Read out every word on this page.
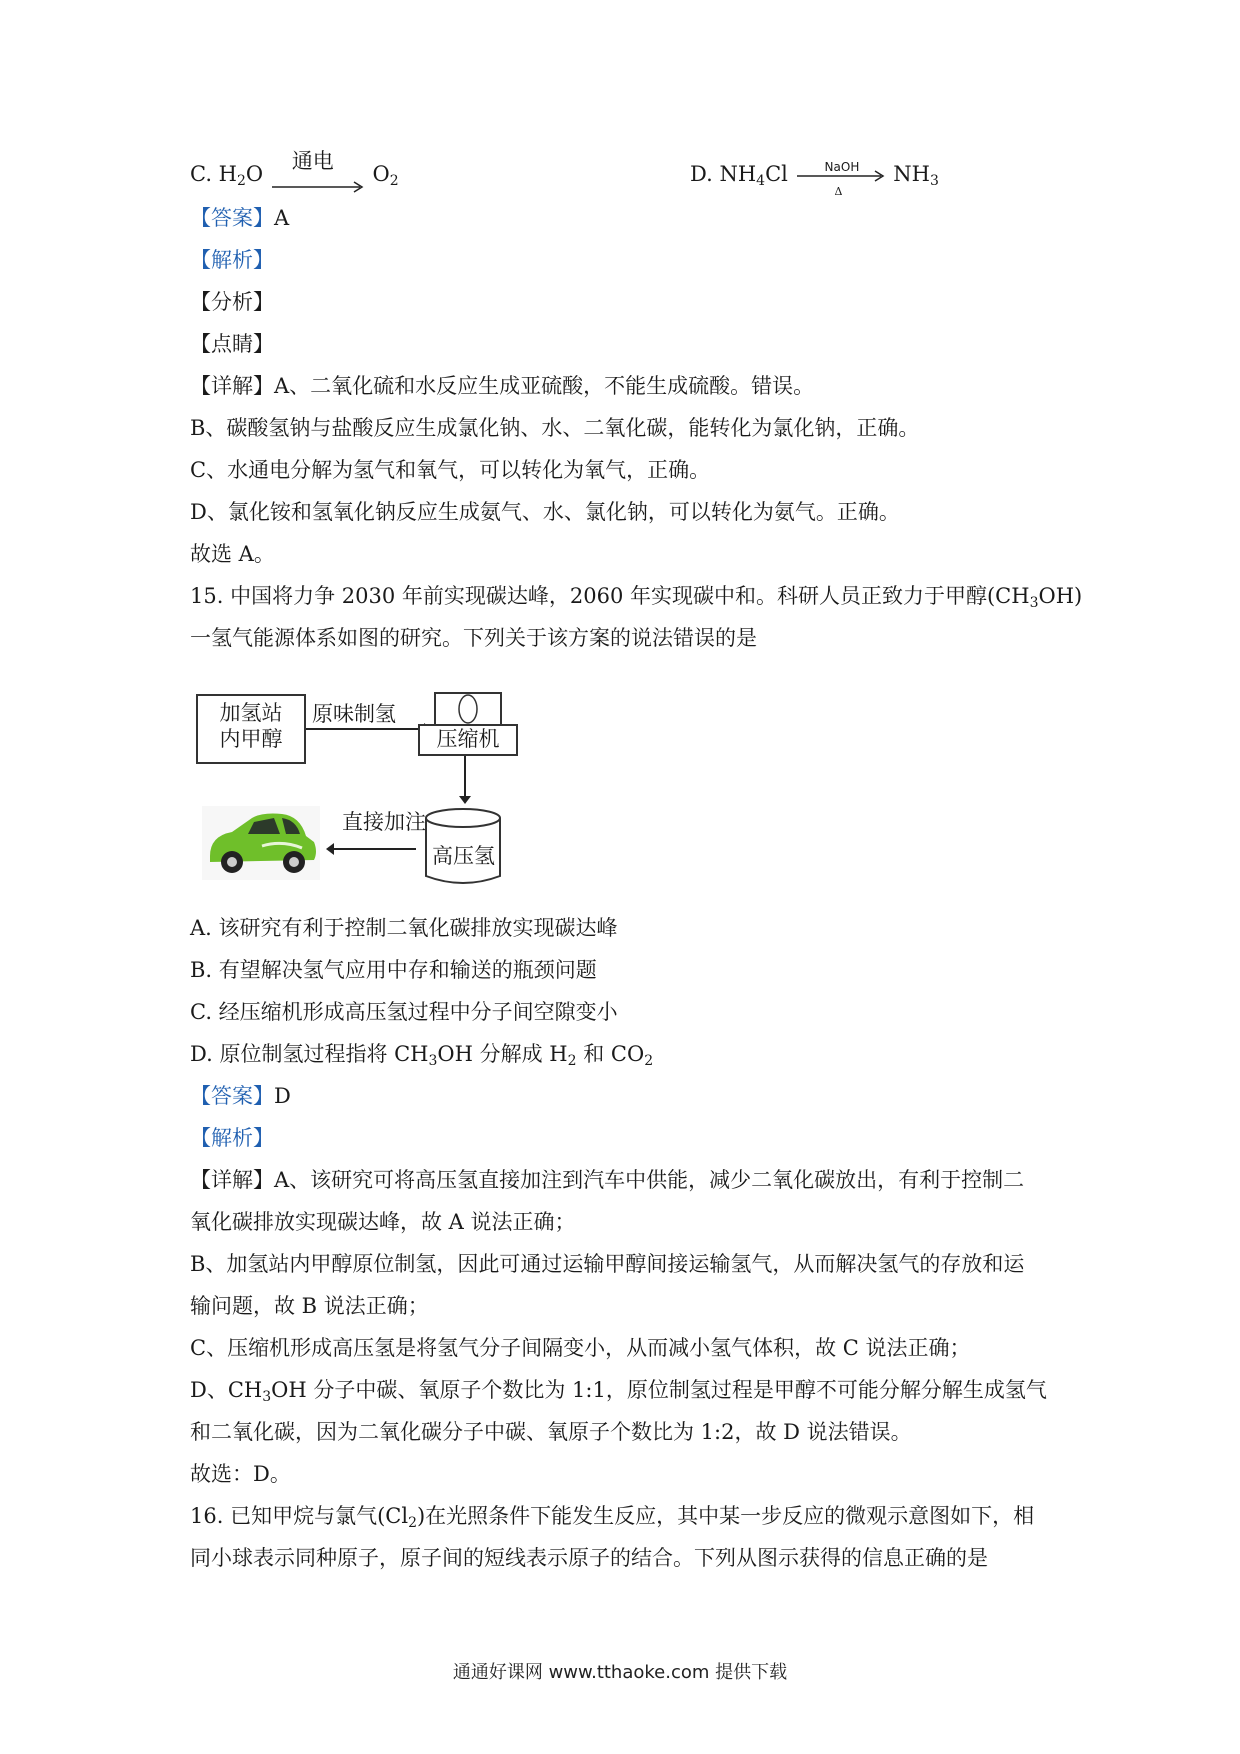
C. $H_2O$
通电
$O_2$	D. $NH_4Cl$	NaOH
Δ
$NH_3$
【答案】A
【解析】
【分析】
【点睛】
【详解】A、二氧化硫和水反应生成亚硫酸，不能生成硫酸。错误。
B、碳酸氢钠与盐酸反应生成氯化钠、水、二氧化碳，能转化为氯化钠，正确。
C、水通电分解为氢气和氧气，可以转化为氧气，正确。
D、氯化铵和氢氧化钠反应生成氨气、水、氯化钠，可以转化为氨气。正确。
故选 A。
15. 中国将力争 2030 年前实现碳达峰，2060 年实现碳中和。科研人员正致力于甲醇$(CH_3OH)$
一氢气能源体系如图的研究。下列关于该方案的说法错误的是
加氢站
内甲醇
原味制氢
压缩机
直接加注
高压氢
A. 该研究有利于控制二氧化碳排放实现碳达峰
B. 有望解决氢气应用中存和输送的瓶颈问题
C. 经压缩机形成高压氢过程中分子间空隙变小
D. 原位制氢过程指将 $CH_3OH$ 分解成 $H_2$ 和 $CO_2$
【答案】D
【解析】
【详解】A、该研究可将高压氢直接加注到汽车中供能，减少二氧化碳放出，有利于控制二
氧化碳排放实现碳达峰，故 A 说法正确；
B、加氢站内甲醇原位制氢，因此可通过运输甲醇间接运输氢气，从而解决氢气的存放和运
输问题，故 B 说法正确；
C、压缩机形成高压氢是将氢气分子间隔变小，从而减小氢气体积，故 C 说法正确；
D、$CH_3OH$ 分子中碳、氧原子个数比为 1:1，原位制氢过程是甲醇不可能分解分解生成氢气
和二氧化碳，因为二氧化碳分子中碳、氧原子个数比为 1:2，故 D 说法错误。
故选：D。
16. 已知甲烷与氯气$(Cl_2)$在光照条件下能发生反应，其中某一步反应的微观示意图如下，相
同小球表示同种原子，原子间的短线表示原子的结合。下列从图示获得的信息正确的是
通通好课网 www.tthaoke.com 提供下载
